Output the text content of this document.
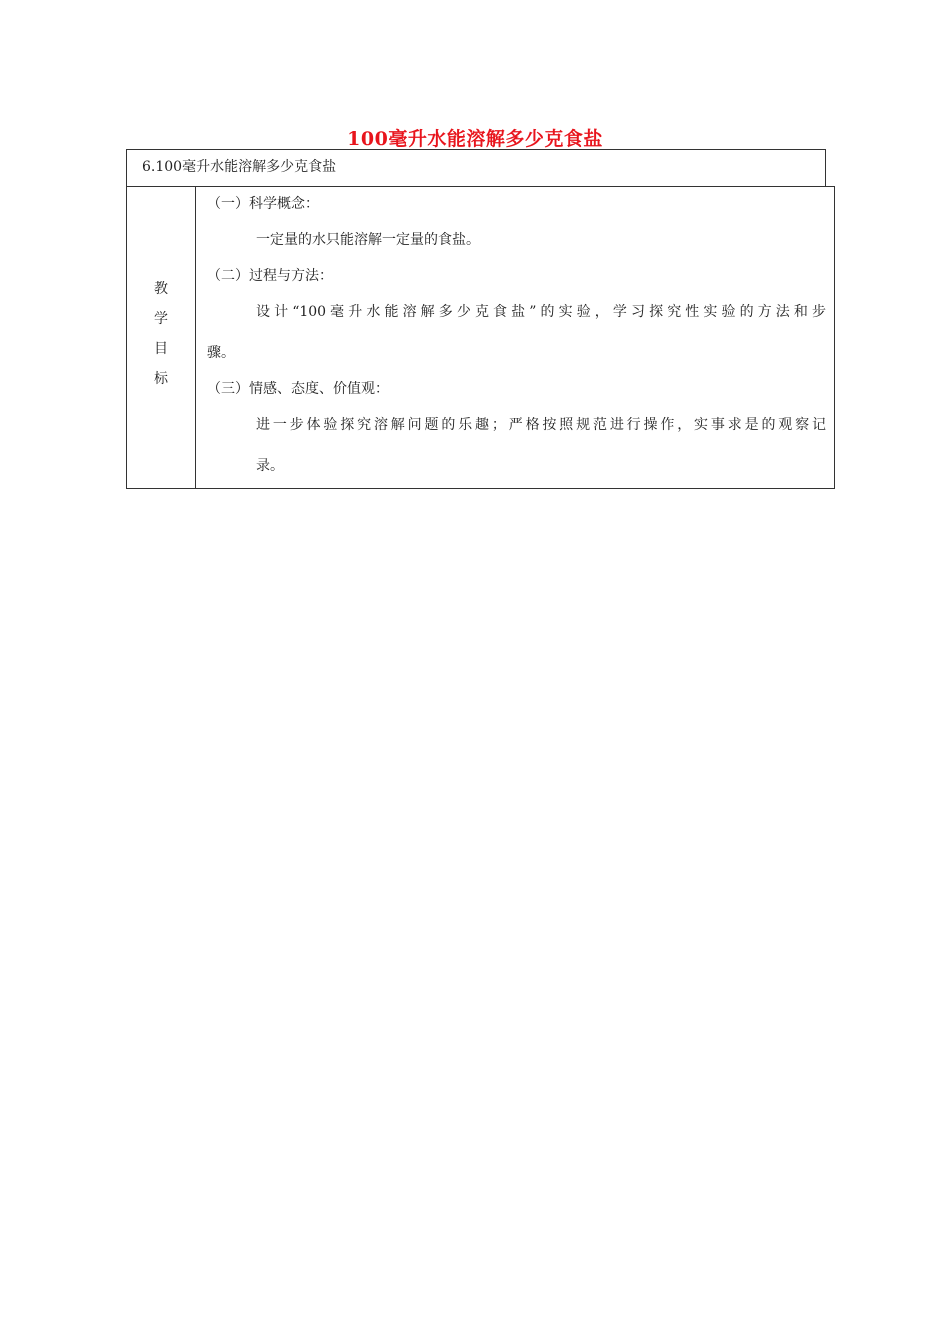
100毫升水能溶解多少克食盐
6.100毫升水能溶解多少克食盐
教
学
目
标
（一）科学概念：
一定量的水只能溶解一定量的食盐。
（二）过程与方法：
设计“100毫升水能溶解多少克食盐”的实验，学习探究性实验的方法和步
骤。
（三）情感、态度、价值观：
进一步体验探究溶解问题的乐趣；严格按照规范进行操作，实事求是的观察记
录。
